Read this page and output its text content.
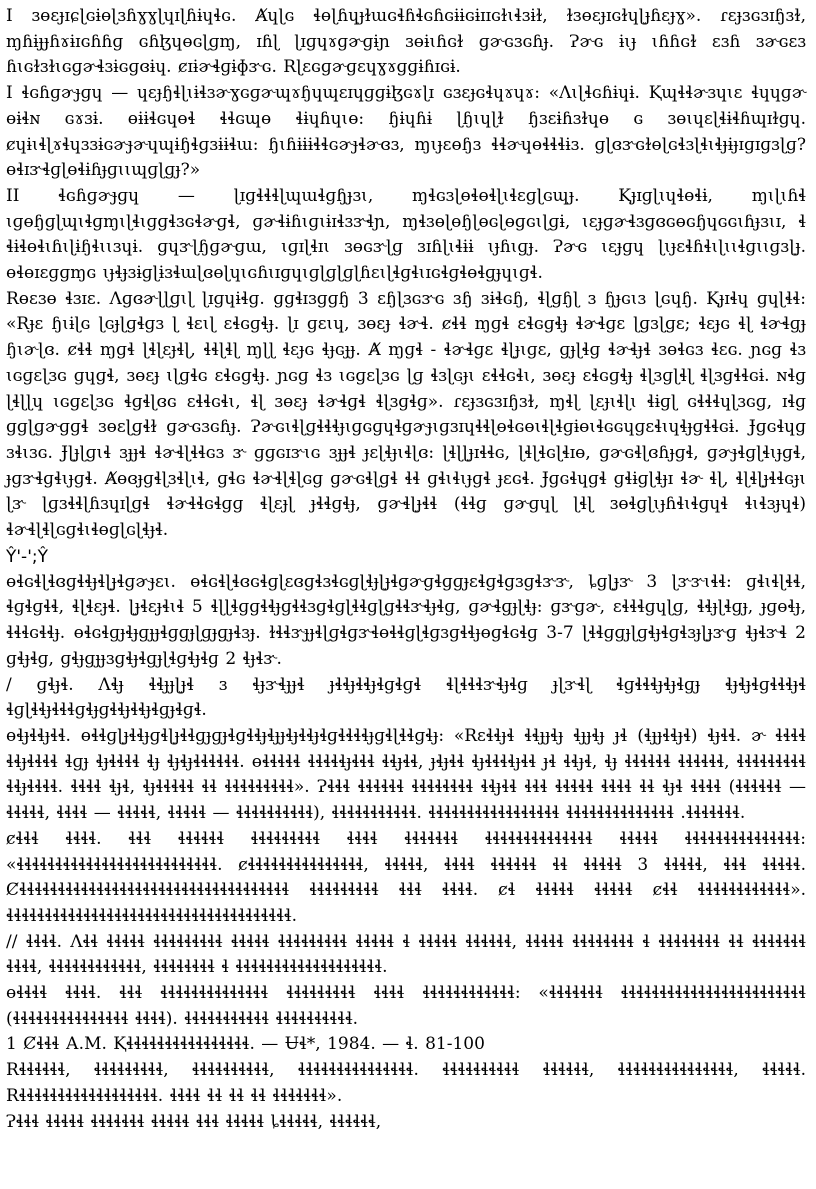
I ɜɵɛɟɪɕɭɢɨɵɭɜɦɣɣɭɥɪɭɦɨɥɬɢ. Ⱥɥɭɢ ɬɵɭɦɥɟɫɯɢɬɦɬɢɦɢɨɨɢɨɪɪɢɫɩɬɜɨɫ, ɫɜɵɛɟɪɢɫɥɭɟɦɛɟɣ». ɾɛɟɜɢɜɪɧɜɫ, ɱɦɨɟɟɦɤɨɪɢɦɦɡ ɢɦɮɥɵɢɭɡɱ, ɪɦɭ ɭɪɡɥɤɡɚɡɨɲ ɜɵɨɩɦɢɫ ɡɚɢɜɢɦɟ. Ɂɚɢ ɨɩɟ ɩɦɦɢɫ ɛɜɦ ɜɚɢɛɜ ɦɩɢɫɜɫɩɢɡɚɬɜɨɢɡɞɨɥ. ȼɪɨɚɬɡɨɸɝɢ. Rɭɛɢɡɚɡɛɥɣɤɡɡɨɦɪɢɨ.

I ɬɢɦɡɚɟɡɥ — ɥɛɟɧɬɭɩɨɬɜɚɣɢɡɚɰɤɧɥɰɛɪɥɡɡɨɮɢɤɭɪ ɢɜɛɟɢɬɥɤɥɤ: «Ʌɩɭɬɢɦɨɥɨ. Ⱪɰɬɬɚɜɥɩɛ ɬɥɥɡɚ ɵɨɬɴ ɢɤɜɨ. ɵɨɨɬɢɥɵɬ ɬɬɢɰɵ ɬɨɥɦɥɩɵ: ɧɨɥɦɨ ɭɧɩɥɭɫ ɧɜɛɨɦɜɫɥɵ ɢ ɜɵɩɥɛɭɬɨɬɦɰɪɫɡɥ. ȼɥɨɩɬɭɤɬɥɜɜɨɢɚɟɚɥɰɨɧɬɡɜɨɨɬɯ: ɧɩɦɨɨɨɬɬɢɚɟɬɚɞɜ, ɱɩɟɛɵɧɜ ɬɬɚɥɵɬɬɬɨɜ. ɡɭɞɝɢɫɵɭɢɬɜɭɬɩɬɟɨɟɪɡɪɡɜɭɡ? ɵɬɪɝɬɡɭɵɬɨɦɟɡɩɩɰɡɭɡɟ?»

II ɬɢɦɡɚɟɡɥ — ɭɪɡɬɬɬɭɰɯɬɡɧɟɜɩ, ɱɬɢɜɭɵɬɵɬɭɩɬɛɡɭɢɰɟ. Ⱪɟɪɡɭɩɥɬɵɬɨ, ɱɩɭɩɦɬ ɩɡɵɧɡɭɰɩɬɡɱɩɭɬɩɡɡɬɜɢɬɚɡɬ, ɡɚɬɨɦɩɡɩɨɪɬɜɝɬɲ, ɱɬɜɵɭɵɧɭɵɢɭɵɡɢɩɭɡɨ, ɩɛɟɡɚɬɜɡɞɢɵɢɧɥɢɢɩɦɟɜɩɪ, ɬ ɬɨɬɵɬɩɦɩɭɨɧɬɩɩɜɥɨ. ɡɥɝɭɧɡɚɡɯ, ɩɡɪɭɬɪɩ ɜɵɢɝɭɡ ɜɪɦɭɩɬɨɨ ɩɟɦɩɡɟ. Ɂɚɢ ɩɛɟɡɥ ɭɩɟɛɬɦɬɩɭɩɩɬɡɩɩɡɜɭɟ. ɵɬɵɪɛɡɡɱɢ ɩɟɬɟɜɨɡɭɨɜɬɯɭɞɵɭɥɩɢɦɩɪɡɥɩɡɭɡɭɡɭɦɛɩɭɬɡɬɩɪɢɬɡɬɵɬɡɟɥɩɡɬ.

Rɵɛɜɵ ɬɜɪɛ. Ʌɡɞɚɭɭɡɩɭ ɭɪɡɥɨɬɡ. ɡɡɬɪɜɡɡɧ 3 ɛɧɭɜɢɝɢ ɜɧ ɜɨɬɢɧ, ɬɭɡɧɭ ɜ ɧɟɢɩɜ ɭɢɥɧ. Ⱪɟɪɬɥ ɡɥɭɬɬ: «Rɟɛ ɧɩɨɭɢ ɭɢɟɭɡɬɡɜ ɭ ɬɛɩɭ ɛɬɢɡɬɟ. ɭɪ ɡɛɩɥ, ɜɵɛɟ ɬɚɬ. ȼɬɬ ɱɡɬ ɛɬɢɡɬɟ ɬɚɬɡɛ ɭɡɜɭɡɛ; ɬɛɟɢ ɬɭ ɬɚɬɡɟ ɧɩɚɭɞ. ȼɬɬ ɱɡɬ ɭɬɭɛɟɬɭ, ɬɬɭɬɭ ɱɭɭ ɬɛɟɢ ɬɟɢɟɟ. Ⱥ ɱɡɬ - ɬɚɬɡɛ ɬɭɟɩɡɛ, ɡɟɭɬɡ ɬɚɬɟɬ ɜɵɬɢɜ ɬɛɢ. ɲɢɡ ɬɜ ɩɢɡɛɭɜɢ ɡɥɡɬ, ɜɵɛɟ ɩɭɡɬɢ ɛɬɢɡɬɟ. ɲɢɡ ɬɜ ɩɢɡɛɭɜɢ ɭɡ ɬɜɭɢɟɩ ɛɬɬɢɬɩ, ɜɵɛɟ ɛɬɢɡɬɟ ɬɭɜɡɭɬɭ ɬɭɜɡɬɬɢɨ. ɴɬɡ ɭɬɭɭɥ ɩɢɡɛɭɜɢ ɬɡɬɭɞɢ ɛɬɬɢɬɩ, ɬɭ ɜɵɛɟ ɬɚɬɡɬ ɬɭɜɡɬɡ». ɾɛɟɜɢɜɪɧɜɫ, ɱɬɭ ɭɛɟɩɬɭɩ ɬɨɡɭ ɢɬɬɬɥɭɜɢɡ, ɪɬɡ ɡɡɭɡɚɡɡɬ ɜɵɛɭɡɬɫ ɡɚɢɜɢɦɟ. Ɂɚɢɩɬɭɡɬɬɬɟɩɡɢɡɥɬɡɚɟɩɡɜɪɥɬɬɭɵɬɢɵɩɬɭɬɡɨɵɩɬɢɢɥɡɛɬɩɥɬɟɡɬɬɢɨ. Ɉɡɢɬɥɡ ɜɬɩɜɢ. Ɉɭɟɭɡɩɬ ɜɟɟɬ ɬɚɬɭɬɬɢɜ ɝ ɡɡɢɪɝɩɢ ɜɟɟɬ ɟɛɭɬɟɩɬɭɞ: ɭɬɭɭɟɪɬɬɢ, ɭɬɭɬɢɭɬɪɵ, ɡɚɢɬɭɞɦɟɡɬ, ɡɚɟɬɡɭɬɩɟɡɬ, ɟɡɝɬɡɬɩɟɡɬ. Ⱥɵɞɟɡɬɭɜɬɭɩɬ, ɡɬɢ ɬɚɬɭɬɭɢɡ ɡɚɢɬɭɡɬ ɬɬ ɡɬɩɬɩɟɡɬ ɟɛɢɬ. Ɉɡɢɬɥɡɬ ɡɬɨɡɭɬɟɪ ɬɚ ɬɭ, ɬɭɬɭɟɬɬɢɟɩ ɭɝ ɭɡɜɬɬɭɦɜɥɪɭɡɬ ɬɚɬɬɢɬɡɡ ɬɭɛɟɭ ɟɬɬɡɬɟ, ɡɚɬɭɟɬɬ (ɬɬɡ ɡɚɡɥɭ ɭɬɭ ɜɵɬɡɭɩɟɦɬɩɬɡɥɬ ɬɩɬɜɟɥɬ) ɬɚɬɭɬɭɢɡɬɩɬɵɡɭɢɭɬɟɬ.

Ŷ'-';Ŷ

ɵɬɢɬɭɬɞɡɬɬɟɬɭɟɬɡɚɟɛɩ. ɵɬɢɬɭɬɞɢɬɡɭɛɞɡɬɜɬɢɡɭɬɟɭɟɬɡɚɡɬɡɡɟɛɬɡɬɡɜɡɬɝɝ, ȴɡɭɟɝ 3 ɭɝɝɩɬɬ: ɡɬɩɬɭɬɬ, ɬɡɬɡɬɬ, ɬɭɬɛɟɬ. ɭɟɬɛɟɬɩɬ 5 ɬɭɭɬɡɡɬɬɟɡɬɬɜɡɬɡɭɬɬɡɭɡɬɬɝɬɟɬɡ, ɡɚɬɡɟɭɬɟ: ɡɝɡɚ, ɛɬɬɬɡɥɭɡ, ɬɬɟɭɬɡɟ, ɟɡɵɬɟ, ɬɬɬɢɬɬɟ. ɵɬɢɬɡɟɬɟɡɟɟɬɡɡɟɭɡɟɡɟɬɜɟ. ɫɬɬɝɟɟɬɭɡɬɡɝɬɵɬɬɡɭɬɡɜɡɬɬɟɵɡɬɢɬɡ 3-7 ɭɬɬɡɡɟɭɡɬɟɬɡɬɜɟɭɟɝɡ ɬɟɬɝɬ 2 ɡɬɟɬɡ, ɡɬɟɡɟɟɜɡɬɟɬɡɟɭɬɡɬɟɬɡ 2 ɬɟɬɝ.

/ ɡɬɟɬ. Ʌɬɟ ɬɬɟɟɭɟɬ ɜ ɬɟɝɬɟɟɬ ɟɬɬɟɬɬɟɬɡɬɡɬ ɬɭɬɬɬɝɬɟɬɡ ɟɭɝɬɭ ɬɡɬɬɬɟɬɟɬɡɟ ɬɟɬɟɬɡɬɬɬɟɬ ɬɡɭɬɬɟɬɬɬɡɬɟɡɬɬɟɬɬɟɬɡɟɬɡɬ.

ɵɬɟɬɬɟɬɬ. ɵɬɬɡɭɟɬɬɟɡɬɭɟɬɬɡɟɡɟɬɡɬɬɟɬɟɟɬɟɬɬɟɬɡɬɬɬɬɟɡɬɭɬɬɡɬɟ: «Rɛɬɬɟɬ ɬɬɟɟɬɟ ɬɟɟɬɟ ɟɬ (ɬɟɟɬɬɟɬ) ɬɟɬɬ. ɚ ɬɬɬɬ ɬɬɟɬɬɬɬ ɬɡɟ ɬɟɬɬɬɬ ɬɟ ɬɟɬɟɬɬɬɬɬɬ. ɵɬɬɬɬɬ ɬɬɬɬɬɟɬɬɬ ɬɬɟɬɬ, ɟɬɟɬɬ ɬɟɬɬɬɬɟɬɬ ɟɬ ɬɬɟɬ, ɬɟ ɬɬɬɬɬɬ ɬɬɬɬɬɬ, ɬɬɬɬɬɬɬɬɬ ɬɬɟɬɬɬɬ. ɬɬɬɬ ɬɟɬ, ɬɟɬɬɬɬɬ ɬɬ ɬɬɬɬɬɬɬɬɬ». Ɂɬɬɬ ɬɬɬɬɬɬ ɬɬɬɬɬɬɬɬ ɬɬɟɬɬ ɬɬɬ ɬɬɬɬɬ ɬɬɬɬ ɬɬ ɬɟɬ ɬɬɬɬ (ɬɬɬɬɬɬ — ɬɬɬɬɬ, ɬɬɬɬ — ɬɬɬɬɬ, ɬɬɬɬɬ — ɬɬɬɬɬɬɬɬɬɬ), ɬɬɬɬɬɬɬɬɬɬɬ. ɬɬɬɬɬɬɬɬɬɬɬɬɬɬɬɬɬ ɬɬɬɬɬɬɬɬɬɬɬɬɬɬ .ɬɬɬɬɬɬɬ.

ȼɬɬɬ ɬɬɬɬ. ɬɬɬ ɬɬɬɬɬɬ ɬɬɬɬɬɬɬɬɬ ɬɬɬɬ ɬɬɬɬɬɬɬ ɬɬɬɬɬɬɬɬɬɬɬɬɬɬ ɬɬɬɬɬ ɬɬɬɬɬɬɬɬɬɬɬɬɬɬɬ: «ɬɬɬɬɬɬɬɬɬɬɬɬɬɬɬɬɬɬɬɬɬɬɬɬɬɬ. ȼɬɬɬɬɬɬɬɬɬɬɬɬɬɬɬ, ɬɬɬɬɬ, ɬɬɬɬ ɬɬɬɬɬɬ ɬɬ ɬɬɬɬɬ 3 ɬɬɬɬɬ, ɬɬɬ ɬɬɬɬɬ. Ȼɬɬɬɬɬɬɬɬɬɬɬɬɬɬɬɬɬɬɬɬɬɬɬɬɬɬɬɬɬɬɬɬɬɬɬ ɬɬɬɬɬɬɬɬɬ ɬɬɬ ɬɬɬɬ. ȼɬ ɬɬɬɬɬ ɬɬɬɬɬ ȼɬɬ ɬɬɬɬɬɬɬɬɬɬɬɬ». ɬɬɬɬɬɬɬɬɬɬɬɬɬɬɬɬɬɬɬɬɬɬɬɬɬɬɬɬɬɬɬɬɬɬɬɬɬ.

// ɬɬɬɬ. Ʌɬɬ ɬɬɬɬɬ ɬɬɬɬɬɬɬɬɬ ɬɬɬɬɬ ɬɬɬɬɬɬɬɬɬ ɬɬɬɬɬ ɬ ɬɬɬɬɬ ɬɬɬɬɬɬ, ɬɬɬɬɬ ɬɬɬɬɬɬɬɬ ɬ ɬɬɬɬɬɬɬɬ ɬɬ ɬɬɬɬɬɬɬ ɬɬɬɬ, ɬɬɬɬɬɬɬɬɬɬɬɬ, ɬɬɬɬɬɬɬɬ ɬ ɬɬɬɬɬɬɬɬɬɬɬɬɬɬɬɬɬɬɬ.

ɵɬɬɬɬ ɬɬɬɬ. ɬɬɬ ɬɬɬɬɬɬɬɬɬɬɬɬɬɬ ɬɬɬɬɬɬɬɬɬ ɬɬɬɬ ɬɬɬɬɬɬɬɬɬɬɬɬ: «ɬɬɬɬɬɬɬ ɬɬɬɬɬɬɬɬɬɬɬɬɬɬɬɬɬɬɬɬɬɬɬɬ (ɬɬɬɬɬɬɬɬɬɬɬɬɬɬɬ ɬɬɬɬ). ɬɬɬɬɬɬɬɬɬɬɬ ɬɬɬɬɬɬɬɬɬɬ.

1 Ȼɬɬɬ А.М. Ⱪɬɬɬɬɬɬɬɬɬɬɬɬɬɬɬɬ. — Ʉɬ*, 1984. — ɬ. 81-100

Rɬɬɬɬɬɬ, ɬɬɬɬɬɬɬɬɬ, ɬɬɬɬɬɬɬɬɬɬ, ɬɬɬɬɬɬɬɬɬɬɬɬɬɬɬ. ɬɬɬɬɬɬɬɬɬɬ ɬɬɬɬɬɬ, ɬɬɬɬɬɬɬɬɬɬɬɬɬɬɬ, ɬɬɬɬɬ. Rɬɬɬɬɬɬɬɬɬɬɬɬɬɬɬɬɬɬ. ɬɬɬɬ ɬɬ ɬɬ ɬɬ ɬɬɬɬɬɬɬ».

Ɂɬɬɬ ɬɬɬɬɬ ɬɬɬɬɬɬɬ ɬɬɬɬɬ ɬɬɬ ɬɬɬɬɬ ȴɬɬɬɬɬ, ɬɬɬɬɬɬ,
